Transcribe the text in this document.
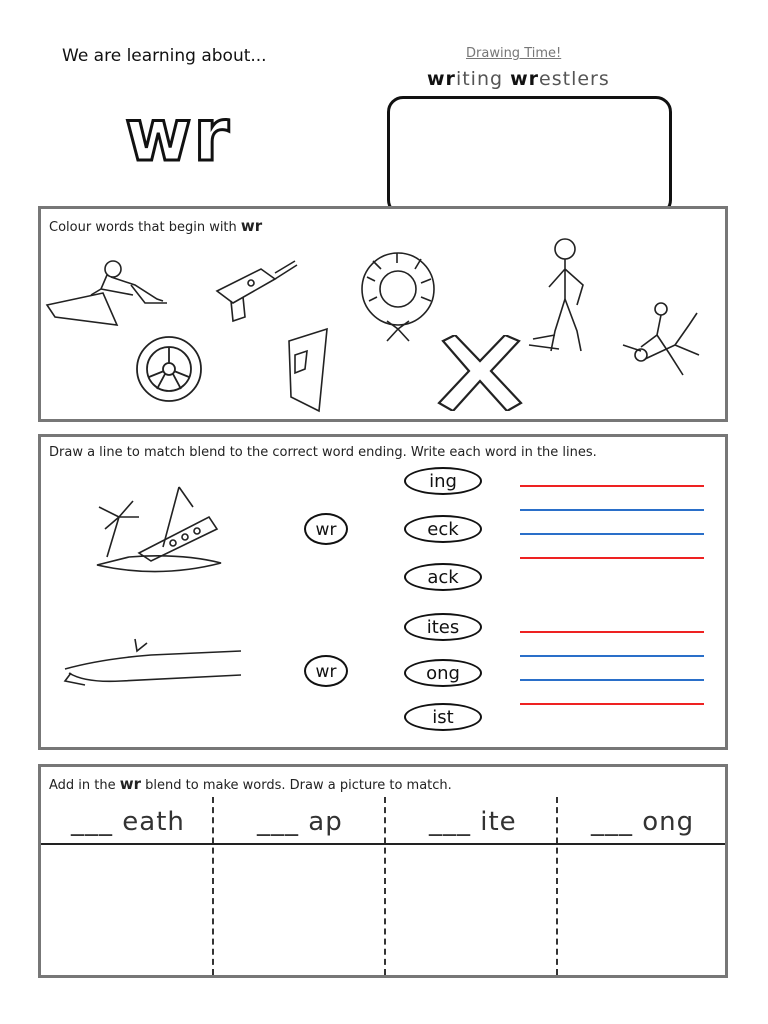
We are learning about...
wr
Drawing Time!
writing wrestlers
Colour words that begin with wr
Draw a line to match blend to the correct word ending. Write each word in the lines.
wr
ing
eck
ack
wr
ites
ong
ist
Add in the wr blend to make words. Draw a picture to match.
___ eath	___ ap	___ ite	___ ong
